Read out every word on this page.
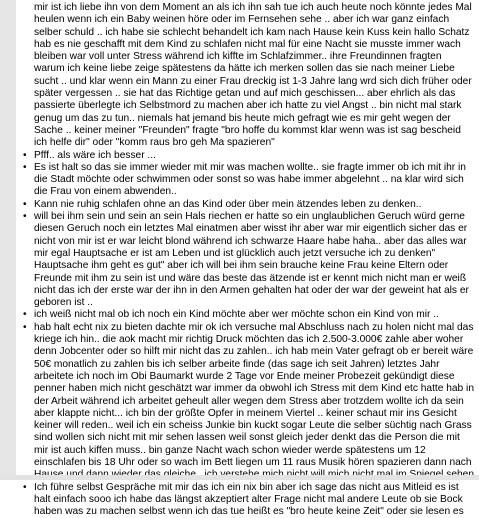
mir ist ich liebe ihn von dem Moment an als ich ihn sah tue ich auch heute noch könnte jedes Mal heulen wenn ich ein Baby weinen höre oder im Fernsehen sehe .. aber ich war ganz einfach selber schuld .. ich habe sie schlecht behandelt ich kam nach Hause kein Kuss kein hallo Schatz hab es nie geschafft mit dem Kind zu schlafen nicht mal für eine Nacht sie musste immer wach bleiben war voll unter Stress während ich kiffte im Schlafzimmer.. ihre Freundinnen fragten warum ich keine liebe zeige spätestens da hätte ich merken sollen das sie nach meiner Liebe sucht .. und klar wenn ein Mann zu einer Frau dreckig ist 1-3 Jahre lang wrd sich dich früher oder später vergessen .. sie hat das Richtige getan und auf mich geschissen... aber ehrlich als das passierte überlegte ich Selbstmord zu machen aber ich hatte zu viel Angst .. bin nicht mal stark genug um das zu tun.. niemals hat jemand bis heute mich gefragt wie es mir geht wegen der Sache .. keiner meiner "Freunden" fragte "bro hoffe du kommst klar wenn was ist sag bescheid ich helfe dir" oder "komm raus bro geh Ma spazieren"
• Pfff.. als wäre ich besser ...
• Es ist halt so das sie immer wieder mit mir was machen wollte.. sie fragte immer ob ich mit ihr in die Stadt möchte oder schwimmen oder sonst so was habe immer abgelehnt .. na klar wird sich die Frau von einem abwenden..
• Kann nie ruhig schlafen ohne an das Kind oder über mein ätzendes leben zu denken..
• will bei ihm sein und sein an sein Hals riechen er hatte so ein unglaublichen Geruch würd gerne diesen Geruch noch ein letztes Mal einatmen aber wisst ihr aber war mir eigentlich sicher das er nicht von mir ist er war leicht blond während ich schwarze Haare habe haha.. aber das alles war mir egal Hauptsache er ist am Leben und ist glücklich auch jetzt versuche ich zu denken" Hauptsache ihm geht es gut" aber ich will bei ihm sein brauche keine Frau keine Eltern oder Freunde mit ihm zu sein ist und wäre das beste das ätzende ist er kennt mich nicht man er weiß nicht das ich der erste war der ihn in den Armen gehalten hat oder der war der geweint hat als er geboren ist ..
• ich weiß nicht mal ob ich noch ein Kind möchte aber wer möchte schon ein Kind von mir ..
• hab halt echt nix zu bieten dachte mir ok ich versuche mal Abschluss nach zu holen nicht mal das kriege ich hin.. die aok macht mir richtig Druck möchten das ich 2.500-3.000€ zahle aber woher denn Jobcenter oder so hilft mir nicht das zu zahlen.. ich hab mein Vater gefragt ob er bereit wäre 50€ monatlich zu zahlen bis ich selber arbeite finde (das sage ich seit Jahren) letztes Jahr arbeitete ich noch im Obi Baumarkt wurde 2 Tage vor Ende meiner Probezeit gekündigt diese penner haben mich nicht geschätzt war immer da obwohl ich Stress mit dem Kind etc hatte hab in der Arbeit während ich arbeitet geheult aller wegen dem Stress aber trotzdem wollte ich da sein aber klappte nicht... ich bin der größte Opfer in meinem Viertel .. keiner schaut mir ins Gesicht keiner will reden.. weil ich ein scheiss Junkie bin kuckt sogar Leute die selber süchtig nach Grass sind wollen sich nicht mit mir sehen lassen weil sonst gleich jeder denkt das die Person die mit mir ist auch kiffen muss.. bin ganze Nacht wach schon wieder werde spätestens um 12 einschlafen bis 18 Uhr oder so wach im Bett liegen um 11 raus Musik hören spazieren dann nach
• Ich führe selbst Gespräche mit mir das ich ein nix bin aber ich sage das nicht aus Mitleid es ist halt einfach sooo ich habe das längst akzeptiert alter Frage nicht mal andere Leute ob sie Bock haben was zu machen selbst wenn ich das tue heißt es "bro heute keine Zeit" oder sie lesen es
